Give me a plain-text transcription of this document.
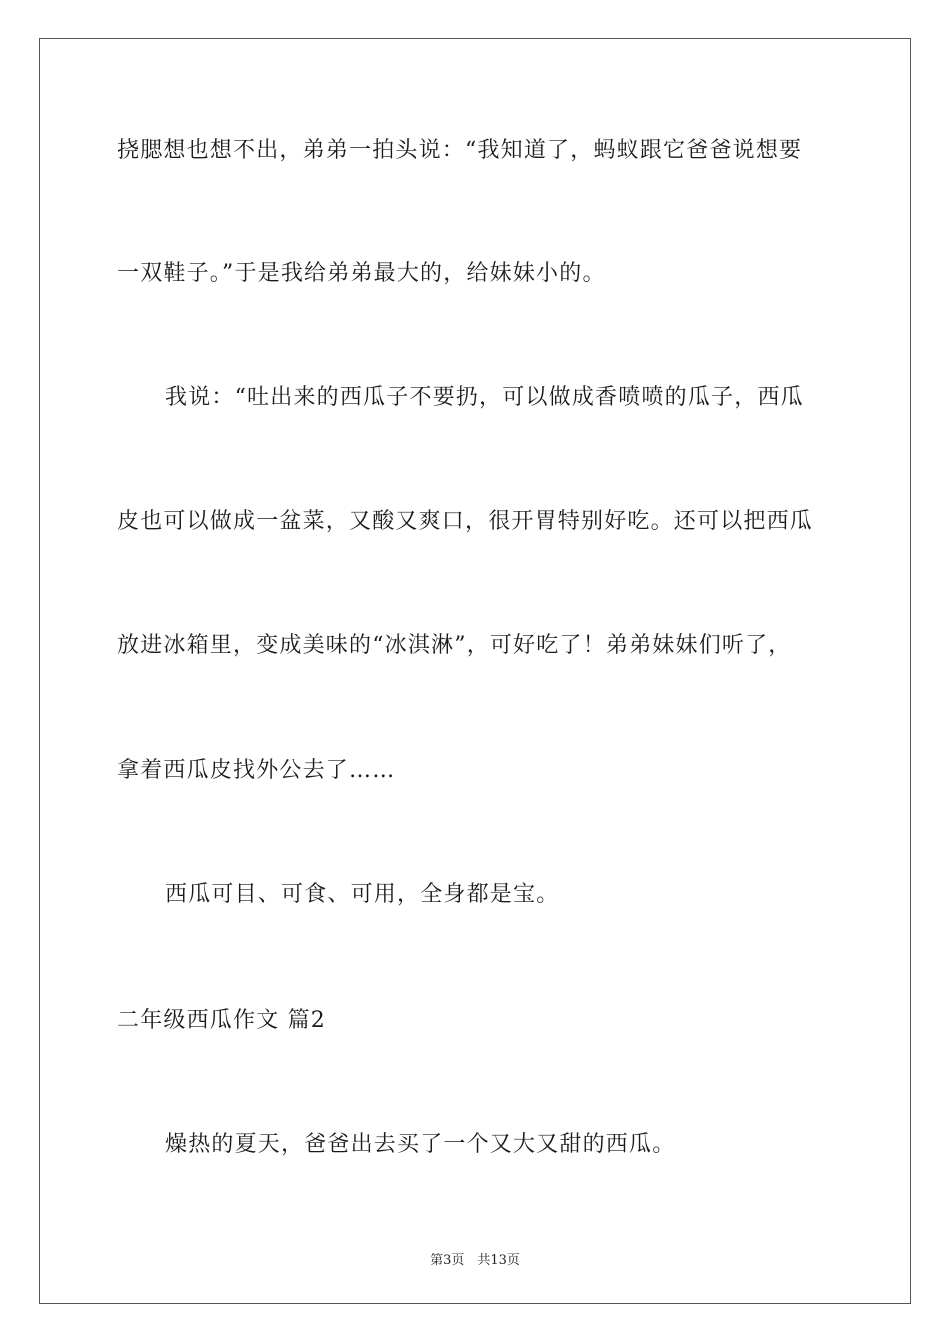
挠腮想也想不出，弟弟一拍头说：“我知道了，蚂蚁跟它爸爸说想要
一双鞋子。”于是我给弟弟最大的，给妹妹小的。
我说：“吐出来的西瓜子不要扔，可以做成香喷喷的瓜子，西瓜
皮也可以做成一盆菜，又酸又爽口，很开胃特别好吃。还可以把西瓜
放进冰箱里，变成美味的“冰淇淋”，可好吃了！弟弟妹妹们听了，
拿着西瓜皮找外公去了……
西瓜可目、可食、可用，全身都是宝。
二年级西瓜作文 篇2
燥热的夏天，爸爸出去买了一个又大又甜的西瓜。
第3页　共13页
